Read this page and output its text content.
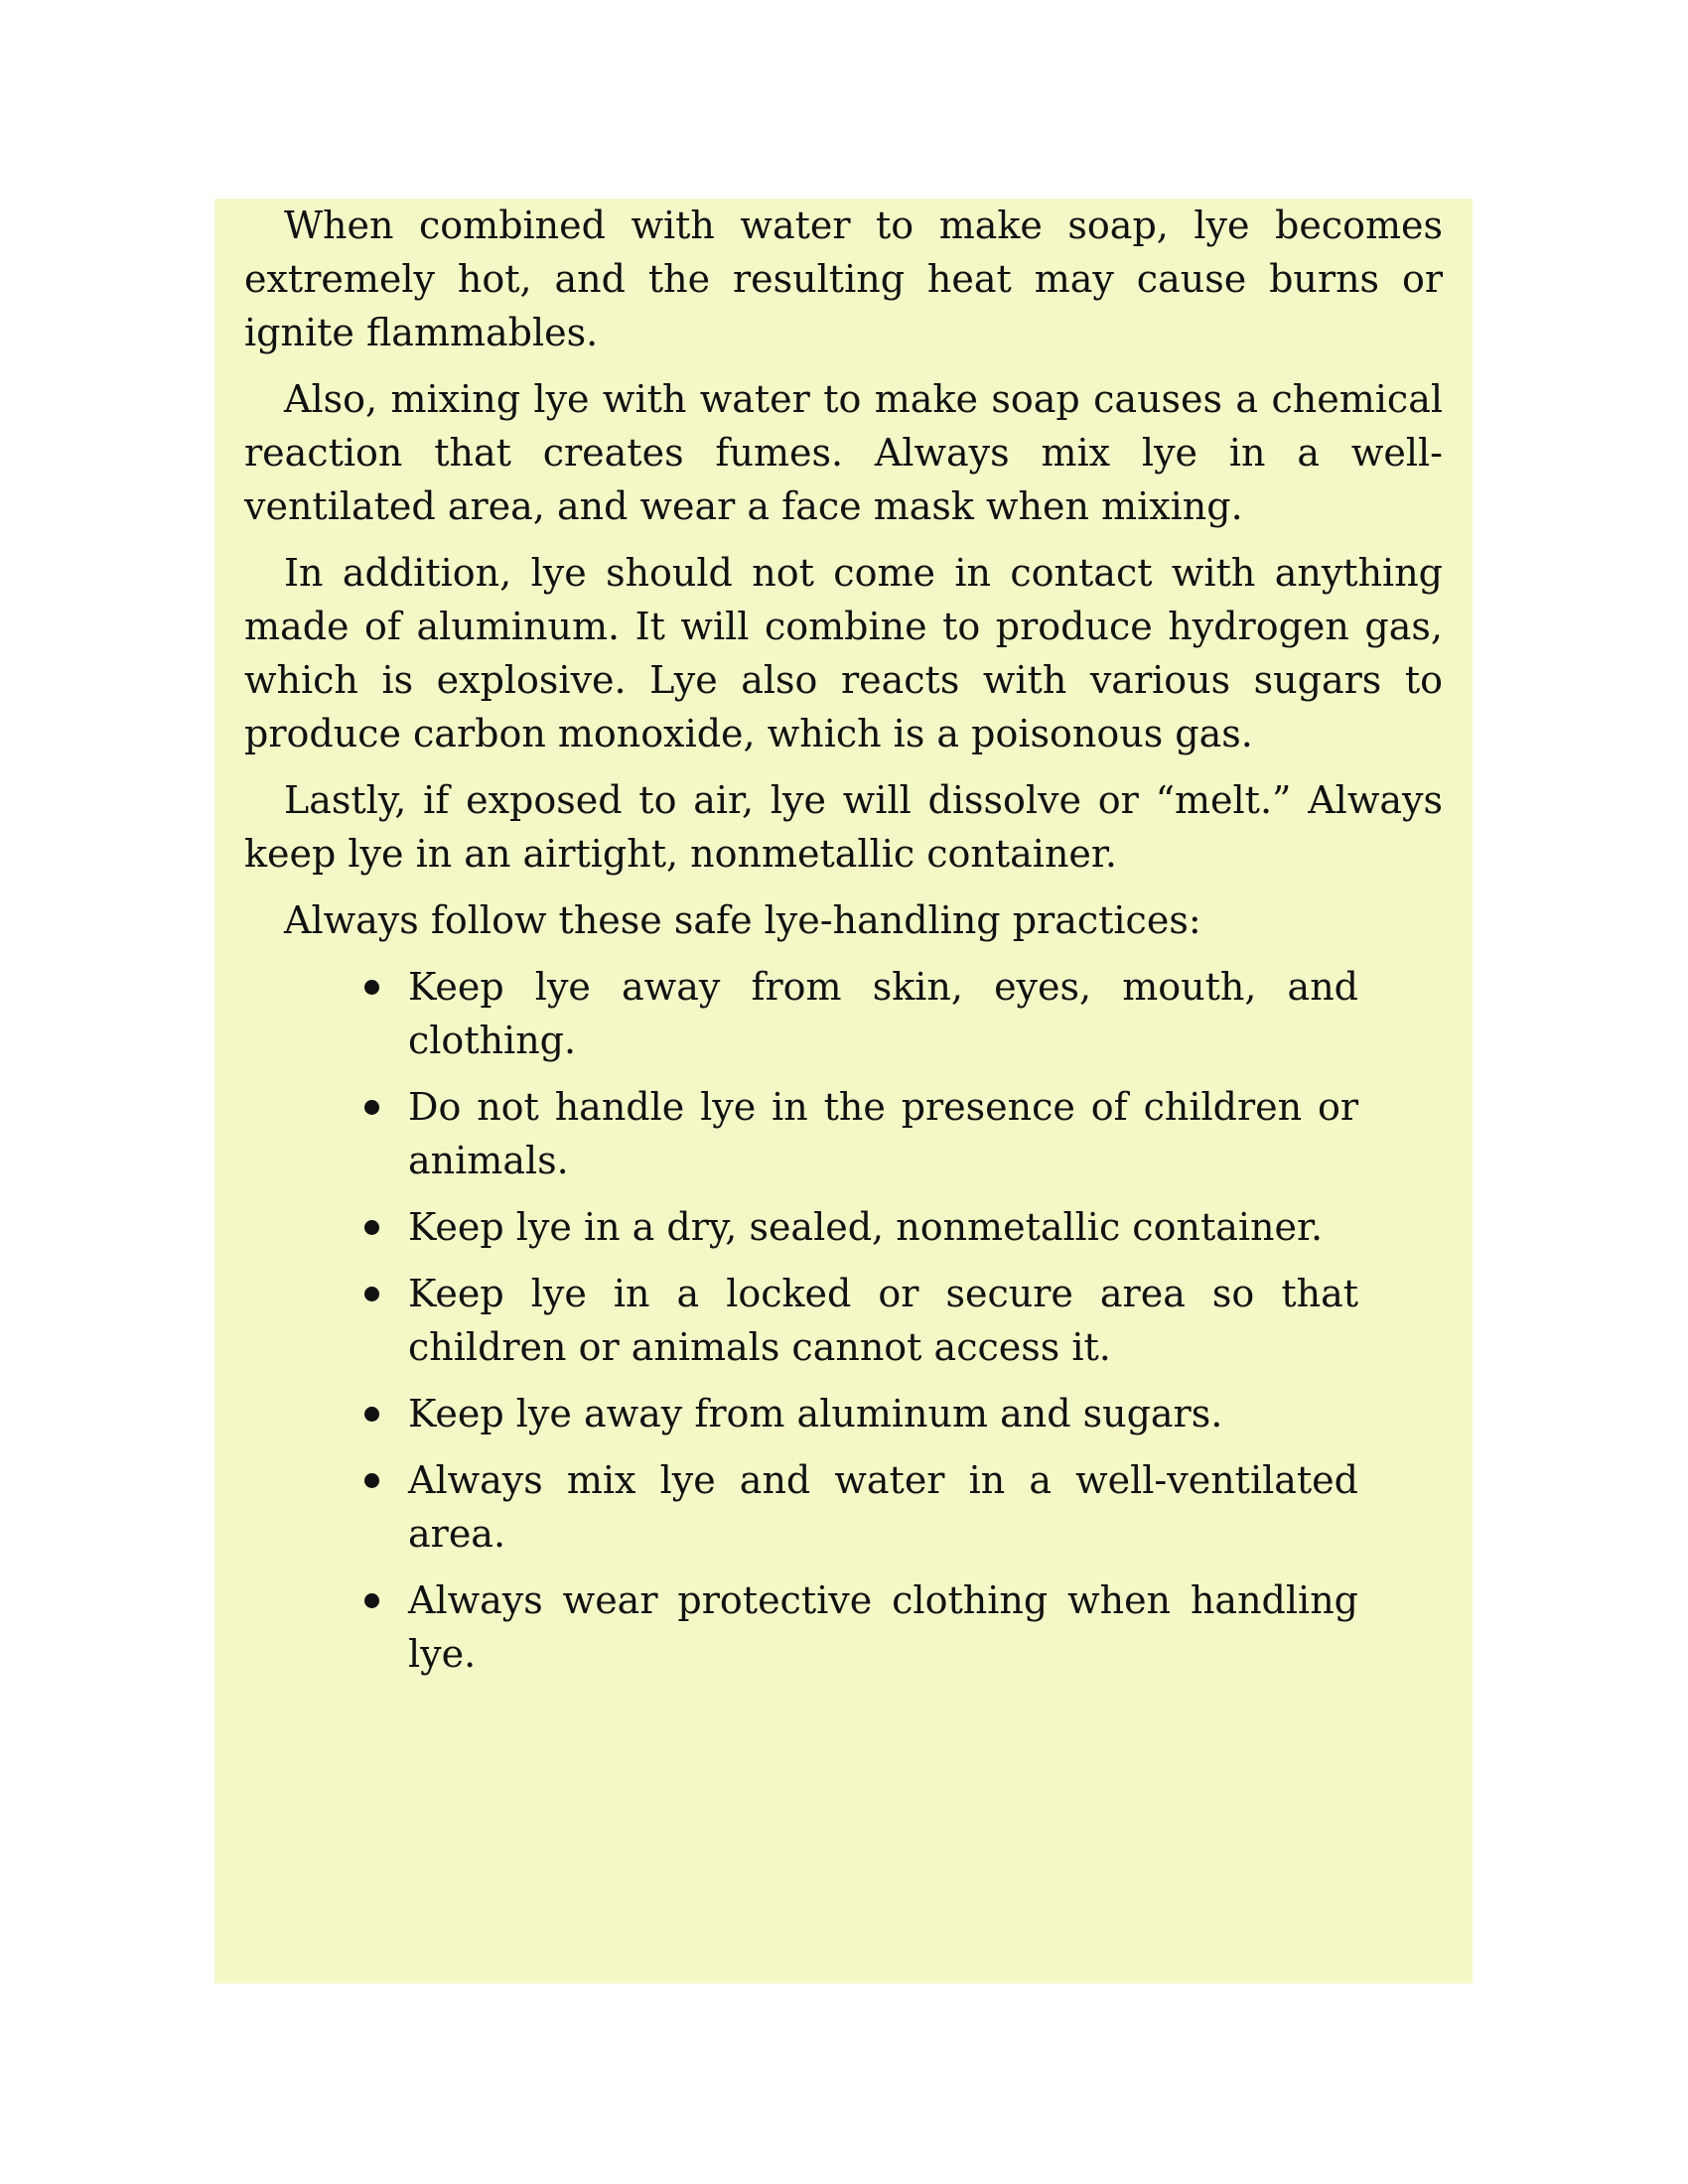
When combined with water to make soap, lye becomes extremely hot, and the resulting heat may cause burns or ignite flammables.

Also, mixing lye with water to make soap causes a chemical reaction that creates fumes. Always mix lye in a well-ventilated area, and wear a face mask when mixing.

In addition, lye should not come in contact with anything made of aluminum. It will combine to produce hydrogen gas, which is explosive. Lye also reacts with various sugars to produce carbon monoxide, which is a poisonous gas.

Lastly, if exposed to air, lye will dissolve or “melt.” Always keep lye in an airtight, nonmetallic container.

Always follow these safe lye-handling practices:

Keep lye away from skin, eyes, mouth, and clothing.
Do not handle lye in the presence of children or animals.
Keep lye in a dry, sealed, nonmetallic container.
Keep lye in a locked or secure area so that children or animals cannot access it.
Keep lye away from aluminum and sugars.
Always mix lye and water in a well-ventilated area.
Always wear protective clothing when handling lye.
